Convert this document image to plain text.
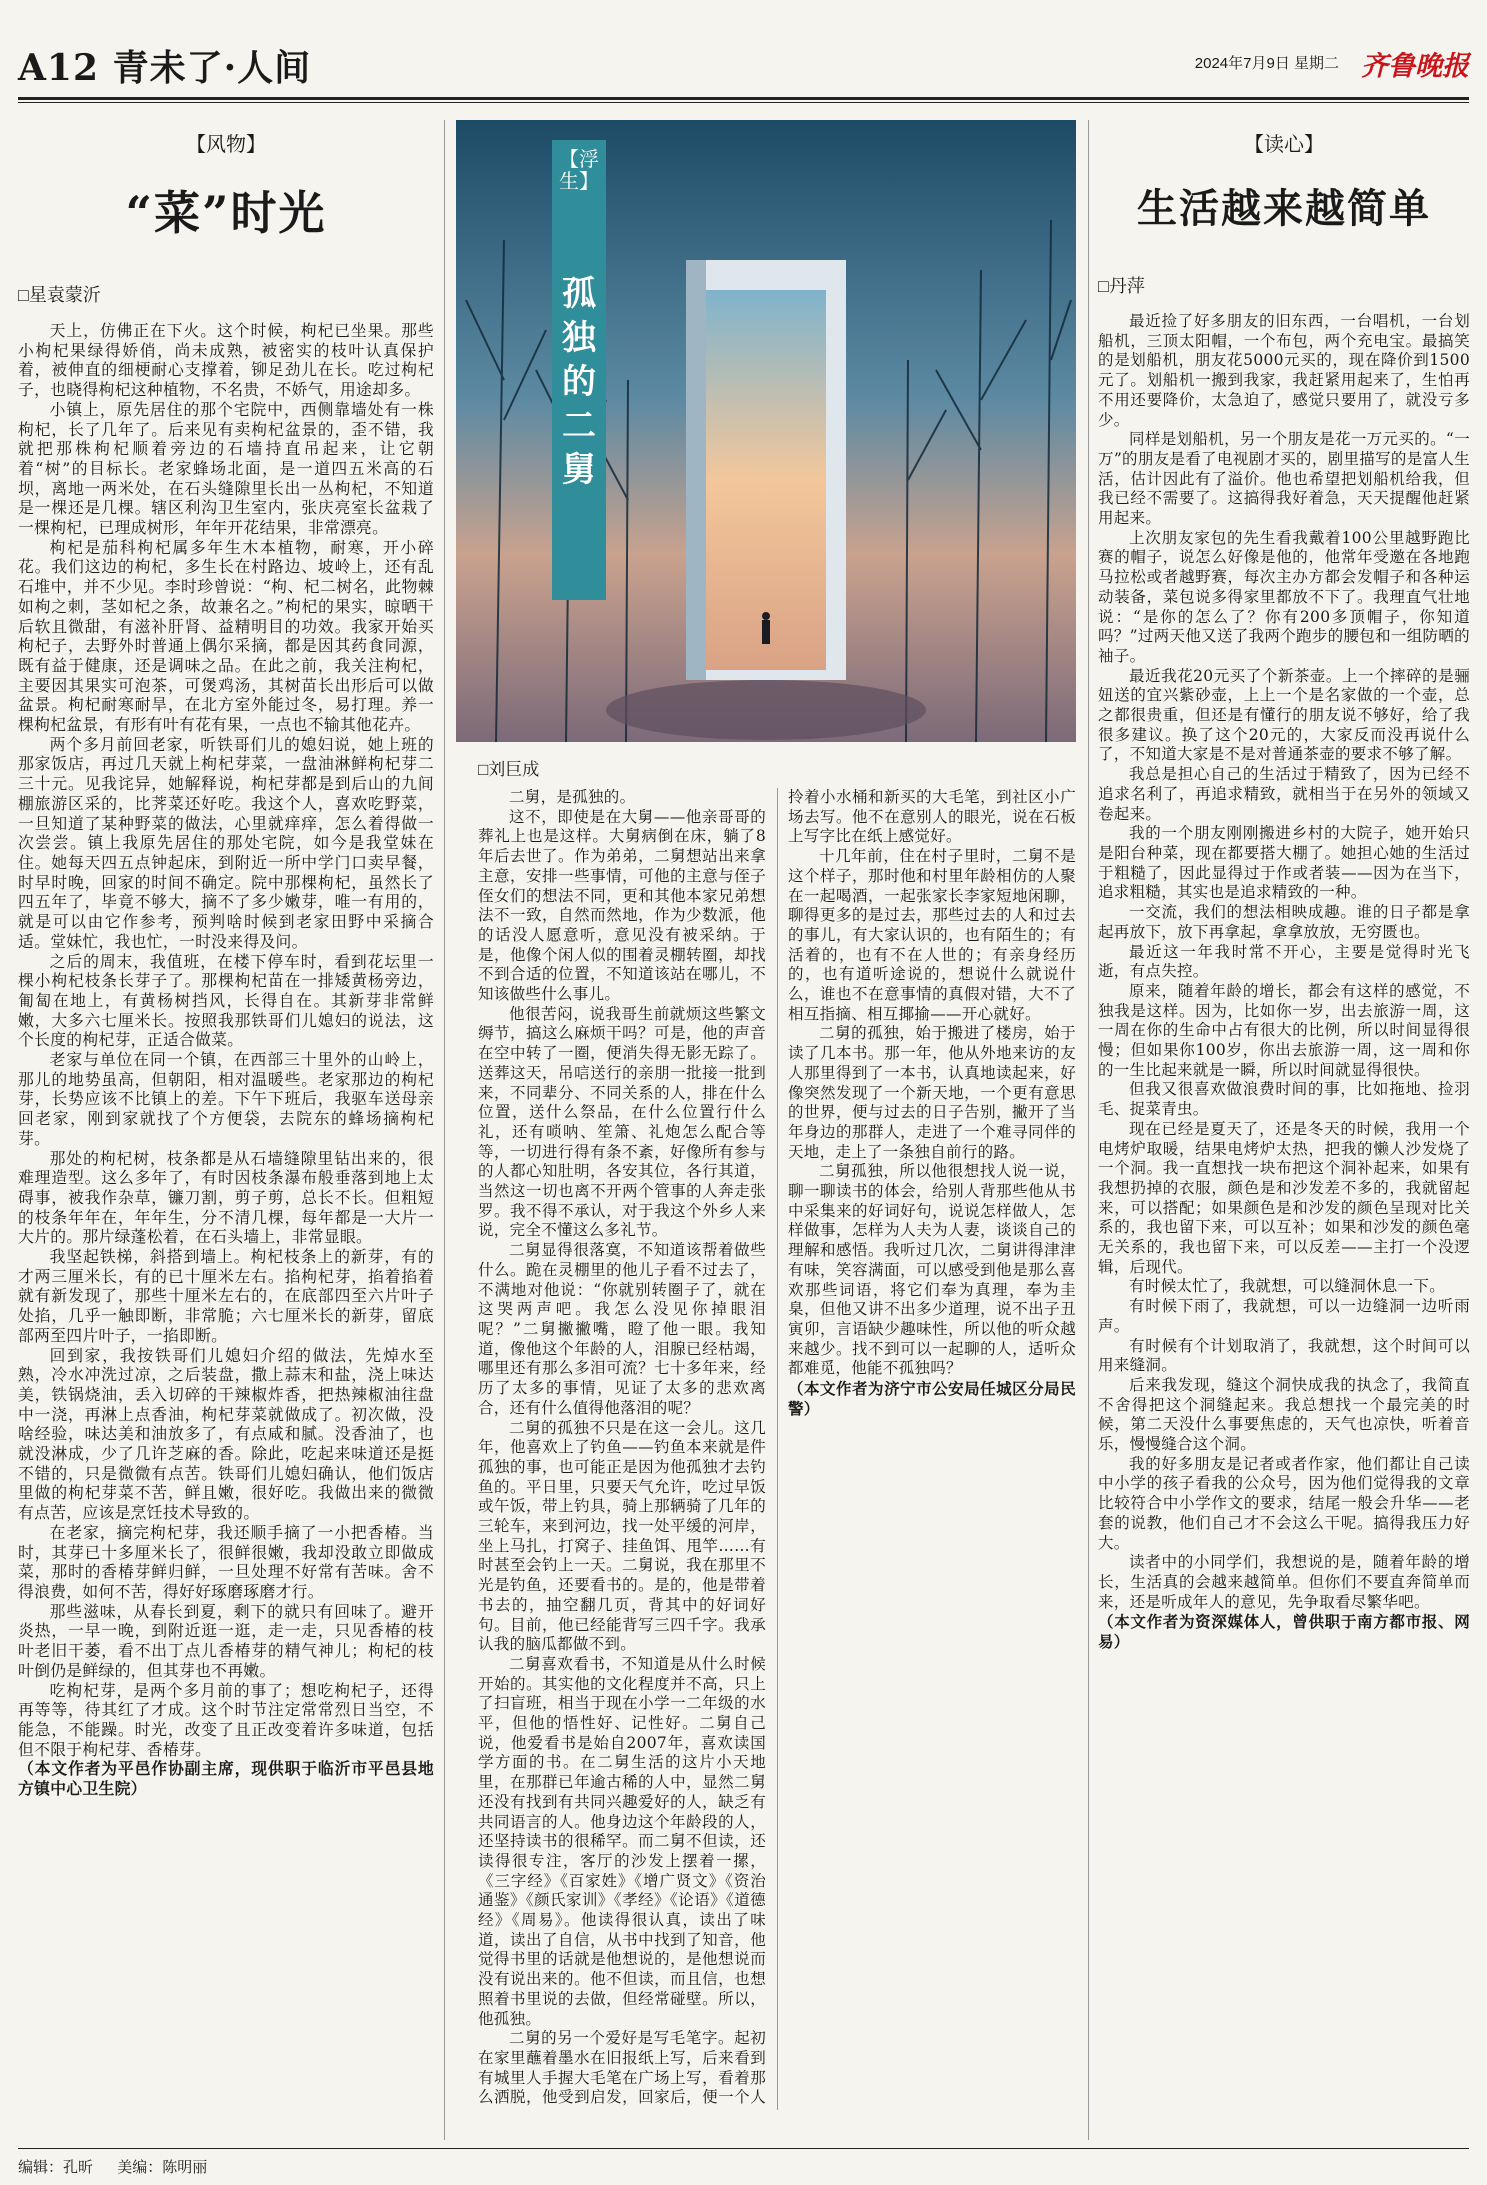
A12 青未了·人间	2024年7月9日 星期二 齐鲁晚报
【风物】
“菜”时光
□星袁蒙沂

天上，仿佛正在下火。这个时候，枸杞已坐果。那些小枸杞果绿得娇俏，尚未成熟，被密实的枝叶认真保护着，被伸直的细梗耐心支撑着，铆足劲儿在长。吃过枸杞子，也晓得枸杞这种植物，不名贵，不娇气，用途却多。

小镇上，原先居住的那个宅院中，西侧靠墙处有一株枸杞，长了几年了。后来见有卖枸杞盆景的，歪不错，我就把那株枸杞顺着旁边的石墙持直吊起来，让它朝着“树”的目标长。老家蜂场北面，是一道四五米高的石坝，离地一两米处，在石头缝隙里长出一丛枸杞，不知道是一棵还是几棵。辖区利沟卫生室内，张庆亮室长盆栽了一棵枸杞，已理成树形，年年开花结果，非常漂亮。

枸杞是茄科枸杞属多年生木本植物，耐寒，开小碎花。我们这边的枸杞，多生长在村路边、坡岭上，还有乱石堆中，并不少见。李时珍曾说：“枸、杞二树名，此物棘如枸之刺，茎如杞之条，故兼名之。”枸杞的果实，晾晒干后软且微甜，有滋补肝肾、益精明目的功效。我家开始买枸杞子，去野外时普通上偶尔采摘，都是因其药食同源，既有益于健康，还是调味之品。在此之前，我关注枸杞，主要因其果实可泡茶，可煲鸡汤，其树苗长出形后可以做盆景。枸杞耐寒耐旱，在北方室外能过冬，易打理。养一棵枸杞盆景，有形有叶有花有果，一点也不输其他花卉。

两个多月前回老家，听铁哥们儿的媳妇说，她上班的那家饭店，再过几天就上枸杞芽菜，一盘油淋鲜枸杞芽二三十元。见我诧异，她解释说，枸杞芽都是到后山的九间棚旅游区采的，比荠菜还好吃。我这个人，喜欢吃野菜，一旦知道了某种野菜的做法，心里就痒痒，怎么着得做一次尝尝。镇上我原先居住的那处宅院，如今是我堂妹在住。她每天四五点钟起床，到附近一所中学门口卖早餐，时早时晚，回家的时间不确定。院中那棵枸杞，虽然长了四五年了，毕竟不够大，摘不了多少嫩芽，唯一有用的，就是可以由它作参考，预判啥时候到老家田野中采摘合适。堂妹忙，我也忙，一时没来得及问。

之后的周末，我值班，在楼下停车时，看到花坛里一棵小枸杞枝条长芽子了。那棵枸杞苗在一排矮黄杨旁边，匍匐在地上，有黄杨树挡风，长得自在。其新芽非常鲜嫩，大多六七厘米长。按照我那铁哥们儿媳妇的说法，这个长度的枸杞芽，正适合做菜。

老家与单位在同一个镇，在西部三十里外的山岭上，那儿的地势虽高，但朝阳，相对温暖些。老家那边的枸杞芽，长势应该不比镇上的差。下午下班后，我驱车送母亲回老家，刚到家就找了个方便袋，去院东的蜂场摘枸杞芽。

那处的枸杞树，枝条都是从石墙缝隙里钻出来的，很难理造型。这么多年了，有时因枝条瀑布般垂落到地上太碍事，被我作杂草，镰刀割，剪子剪，总长不长。但粗短的枝条年年在，年年生，分不清几棵，每年都是一大片一大片的。那片绿蓬松着，在石头墙上，非常显眼。

我坚起铁梯，斜搭到墙上。枸杞枝条上的新芽，有的才两三厘米长，有的已十厘米左右。掐枸杞芽，掐着掐着就有新发现了，那些十厘米左右的，在底部四至六片叶子处掐，几乎一触即断，非常脆；六七厘米长的新芽，留底部两至四片叶子，一掐即断。

回到家，我按铁哥们儿媳妇介绍的做法，先焯水至熟，冷水冲洗过凉，之后装盘，撒上蒜末和盐，浇上味达美，铁锅烧油，丢入切碎的干辣椒炸香，把热辣椒油往盘中一浇，再淋上点香油，枸杞芽菜就做成了。初次做，没啥经验，味达美和油放多了，有点咸和腻。没香油了，也就没淋成，少了几许芝麻的香。除此，吃起来味道还是挺不错的，只是微微有点苦。铁哥们儿媳妇确认，他们饭店里做的枸杞芽菜不苦，鲜且嫩，很好吃。我做出来的微微有点苦，应该是烹饪技术导致的。

在老家，摘完枸杞芽，我还顺手摘了一小把香椿。当时，其芽已十多厘米长了，很鲜很嫩，我却没敢立即做成菜，那时的香椿芽鲜归鲜，一旦处理不好常有苦味。舍不得浪费，如何不苦，得好好琢磨琢磨才行。

那些滋味，从春长到夏，剩下的就只有回味了。避开炎热，一早一晚，到附近逛一逛，走一走，只见香椿的枝叶老旧干萎，看不出丁点儿香椿芽的精气神儿；枸杞的枝叶倒仍是鲜绿的，但其芽也不再嫩。

吃枸杞芽，是两个多月前的事了；想吃枸杞子，还得再等等，待其红了才成。这个时节注定常常烈日当空，不能急，不能躁。时光，改变了且正改变着许多味道，包括但不限于枸杞芽、香椿芽。

（本文作者为平邑作协副主席，现供职于临沂市平邑县地方镇中心卫生院）

【浮生】
孤独的二舅
□刘巨成

二舅，是孤独的。

这不，即使是在大舅——他亲哥哥的葬礼上也是这样。大舅病倒在床，躺了8年后去世了。作为弟弟，二舅想站出来拿主意，安排一些事情，可他的主意与侄子侄女们的想法不同，更和其他本家兄弟想法不一致，自然而然地，作为少数派，他的话没人愿意听，意见没有被采纳。于是，他像个闲人似的围着灵棚转圈，却找不到合适的位置，不知道该站在哪儿，不知该做些什么事儿。

他很苦闷，说我哥生前就烦这些繁文缛节，搞这么麻烦干吗？可是，他的声音在空中转了一圈，便消失得无影无踪了。送葬这天，吊唁送行的亲朋一批接一批到来，不同辈分、不同关系的人，排在什么位置，送什么祭品，在什么位置行什么礼，还有唢呐、笙箫、礼炮怎么配合等等，一切进行得有条不紊，好像所有参与的人都心知肚明，各安其位，各行其道，当然这一切也离不开两个管事的人奔走张罗。我不得不承认，对于我这个外乡人来说，完全不懂这么多礼节。

二舅显得很落寞，不知道该帮着做些什么。跪在灵棚里的他儿子看不过去了，不满地对他说：“你就别转圈子了，就在这哭两声吧。我怎么没见你掉眼泪呢？”二舅撇撇嘴，瞪了他一眼。我知道，像他这个年龄的人，泪腺已经枯竭，哪里还有那么多泪可流？七十多年来，经历了太多的事情，见证了太多的悲欢离合，还有什么值得他落泪的呢？

二舅的孤独不只是在这一会儿。这几年，他喜欢上了钓鱼——钓鱼本来就是件孤独的事，也可能正是因为他孤独才去钓鱼的。平日里，只要天气允许，吃过早饭或午饭，带上钓具，骑上那辆骑了几年的三轮车，来到河边，找一处平缓的河岸，坐上马扎，打窝子、挂鱼饵、甩竿……有时甚至会钓上一天。二舅说，我在那里不光是钓鱼，还要看书的。是的，他是带着书去的，抽空翻几页，背其中的好词好句。目前，他已经能背写三四千字。我承认我的脑瓜都做不到。

二舅喜欢看书，不知道是从什么时候开始的。其实他的文化程度并不高，只上了扫盲班，相当于现在小学一二年级的水平，但他的悟性好、记性好。二舅自己说，他爱看书是始自2007年，喜欢读国学方面的书。在二舅生活的这片小天地里，在那群已年逾古稀的人中，显然二舅还没有找到有共同兴趣爱好的人，缺乏有共同语言的人。他身边这个年龄段的人，还坚持读书的很稀罕。而二舅不但读，还读得很专注，客厅的沙发上摆着一摞，《三字经》《百家姓》《增广贤文》《资治通鉴》《颜氏家训》《孝经》《论语》《道德经》《周易》。他读得很认真，读出了味道，读出了自信，从书中找到了知音，他觉得书里的话就是他想说的，是他想说而没有说出来的。他不但读，而且信，也想照着书里说的去做，但经常碰壁。所以，他孤独。

二舅的另一个爱好是写毛笔字。起初在家里蘸着墨水在旧报纸上写，后来看到有城里人手握大毛笔在广场上写，看着那么洒脱，他受到启发，回家后，便一个人拎着小水桶和新买的大毛笔，到社区小广场去写。他不在意别人的眼光，说在石板上写字比在纸上感觉好。

十几年前，住在村子里时，二舅不是这个样子，那时他和村里年龄相仿的人聚在一起喝酒，一起张家长李家短地闲聊，聊得更多的是过去，那些过去的人和过去的事儿，有大家认识的，也有陌生的；有活着的，也有不在人世的；有亲身经历的，也有道听途说的，想说什么就说什么，谁也不在意事情的真假对错，大不了相互指摘、相互揶揄——开心就好。

二舅的孤独，始于搬进了楼房，始于读了几本书。那一年，他从外地来访的友人那里得到了一本书，认真地读起来，好像突然发现了一个新天地，一个更有意思的世界，便与过去的日子告别，撇开了当年身边的那群人，走进了一个难寻同伴的天地，走上了一条独自前行的路。

二舅孤独，所以他很想找人说一说，聊一聊读书的体会，给别人背那些他从书中采集来的好词好句，说说怎样做人，怎样做事，怎样为人夫为人妻，谈谈自己的理解和感悟。我听过几次，二舅讲得津津有味，笑容满面，可以感受到他是那么喜欢那些词语，将它们奉为真理，奉为圭臬，但他又讲不出多少道理，说不出子丑寅卯，言语缺少趣味性，所以他的听众越来越少。找不到可以一起聊的人，适听众都难觅，他能不孤独吗？

（本文作者为济宁市公安局任城区分局民警）

【读心】
生活越来越简单
□丹萍

最近捡了好多朋友的旧东西，一台唱机，一台划船机，三顶太阳帽，一个布包，两个充电宝。最搞笑的是划船机，朋友花5000元买的，现在降价到1500元了。划船机一搬到我家，我赶紧用起来了，生怕再不用还要降价，太急迫了，感觉只要用了，就没亏多少。

同样是划船机，另一个朋友是花一万元买的。“一万”的朋友是看了电视剧才买的，剧里描写的是富人生活，估计因此有了溢价。他也希望把划船机给我，但我已经不需要了。这搞得我好着急，天天提醒他赶紧用起来。

上次朋友家包的先生看我戴着100公里越野跑比赛的帽子，说怎么好像是他的，他常年受邀在各地跑马拉松或者越野赛，每次主办方都会发帽子和各种运动装备，菜包说多得家里都放不下了。我理直气壮地说：“是你的怎么了？你有200多顶帽子，你知道吗？”过两天他又送了我两个跑步的腰包和一组防晒的袖子。

最近我花20元买了个新茶壶。上一个摔碎的是骊妞送的宜兴紫砂壶，上上一个是名家做的一个壶，总之都很贵重，但还是有懂行的朋友说不够好，给了我很多建议。换了这个20元的，大家反而没再说什么了，不知道大家是不是对普通茶壶的要求不够了解。

我总是担心自己的生活过于精致了，因为已经不追求名利了，再追求精致，就相当于在另外的领域又卷起来。

我的一个朋友刚刚搬进乡村的大院子，她开始只是阳台种菜，现在都要搭大棚了。她担心她的生活过于粗糙了，因此显得过于作或者装——因为在当下，追求粗糙，其实也是追求精致的一种。

一交流，我们的想法相映成趣。谁的日子都是拿起再放下，放下再拿起，拿拿放放，无穷匮也。

最近这一年我时常不开心，主要是觉得时光飞逝，有点失控。

原来，随着年龄的增长，都会有这样的感觉，不独我是这样。因为，比如你一岁，出去旅游一周，这一周在你的生命中占有很大的比例，所以时间显得很慢；但如果你100岁，你出去旅游一周，这一周和你的一生比起来就是一瞬，所以时间就显得很快。

但我又很喜欢做浪费时间的事，比如拖地、捡羽毛、捉菜青虫。

现在已经是夏天了，还是冬天的时候，我用一个电烤炉取暖，结果电烤炉太热，把我的懒人沙发烧了一个洞。我一直想找一块布把这个洞补起来，如果有我想扔掉的衣服，颜色是和沙发差不多的，我就留起来，可以搭配；如果颜色是和沙发的颜色呈现对比关系的，我也留下来，可以互补；如果和沙发的颜色毫无关系的，我也留下来，可以反差——主打一个没逻辑，后现代。

有时候太忙了，我就想，可以缝洞休息一下。

有时候下雨了，我就想，可以一边缝洞一边听雨声。

有时候有个计划取消了，我就想，这个时间可以用来缝洞。

后来我发现，缝这个洞快成我的执念了，我简直不舍得把这个洞缝起来。我总想找一个最完美的时候，第二天没什么事要焦虑的，天气也凉快，听着音乐，慢慢缝合这个洞。

我的好多朋友是记者或者作家，他们都让自己读中小学的孩子看我的公众号，因为他们觉得我的文章比较符合中小学作文的要求，结尾一般会升华——老套的说教，他们自己才不会这么干呢。搞得我压力好大。

读者中的小同学们，我想说的是，随着年龄的增长，生活真的会越来越简单。但你们不要直奔简单而来，还是听成年人的意见，先争取看尽繁华吧。

（本文作者为资深媒体人，曾供职于南方都市报、网易）

编辑：孔昕 美编：陈明丽
